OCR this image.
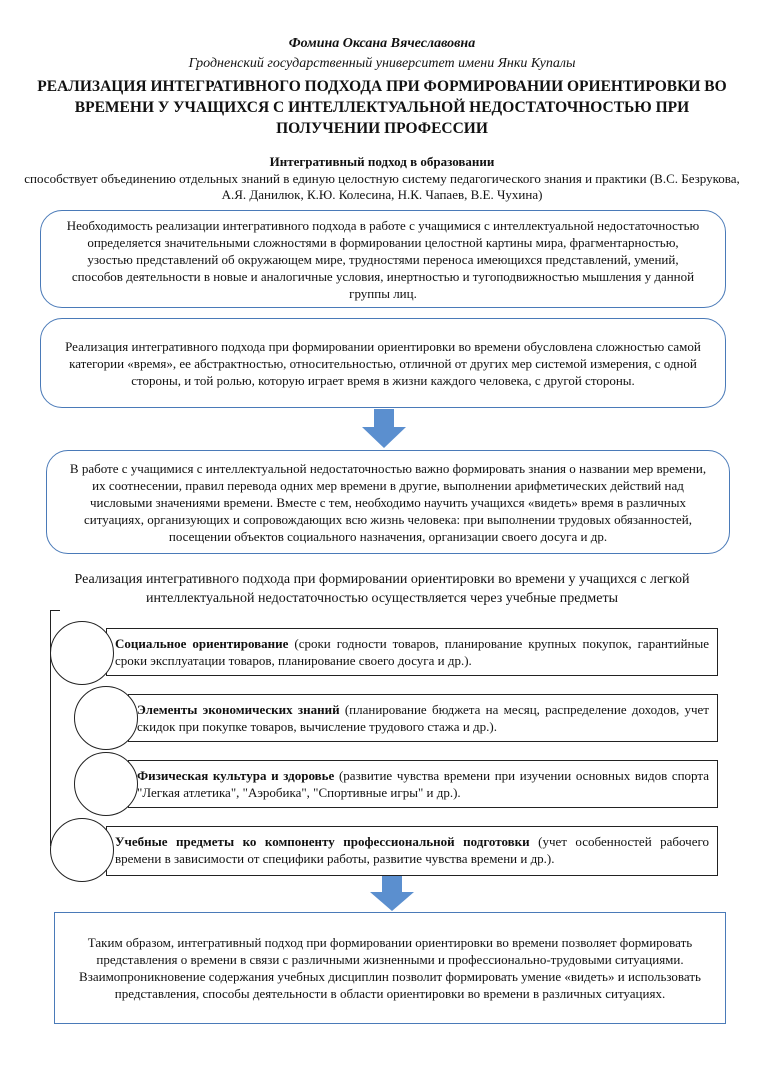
Фомина Оксана Вячеславовна
Гродненский государственный университет имени Янки Купалы
РЕАЛИЗАЦИЯ ИНТЕГРАТИВНОГО ПОДХОДА ПРИ ФОРМИРОВАНИИ ОРИЕНТИРОВКИ ВО ВРЕМЕНИ У УЧАЩИХСЯ С ИНТЕЛЛЕКТУАЛЬНОЙ НЕДОСТАТОЧНОСТЬЮ ПРИ ПОЛУЧЕНИИ ПРОФЕССИИ
Интегративный подход в образовании
способствует объединению отдельных знаний в единую целостную систему педагогического знания и практики (В.С. Безрукова, А.Я. Данилюк, К.Ю. Колесина, Н.К. Чапаев, В.Е. Чухина)
Необходимость реализации интегративного подхода в работе с учащимися с интеллектуальной недостаточностью определяется значительными сложностями в формировании целостной картины мира, фрагментарностью, узостью представлений об окружающем мире, трудностями переноса имеющихся представлений, умений, способов деятельности в новые и аналогичные условия, инертностью и тугоподвижностью мышления у данной группы лиц.
Реализация интегративного подхода при формировании ориентировки во времени обусловлена сложностью самой категории «время», ее абстрактностью, относительностью, отличной от других мер системой измерения, с одной стороны, и той ролью, которую играет время в жизни каждого человека, с другой стороны.
В работе с учащимися с интеллектуальной недостаточностью важно формировать знания о названии мер времени, их соотнесении, правил перевода одних мер времени в другие, выполнении арифметических действий над числовыми значениями времени. Вместе с тем, необходимо научить учащихся «видеть» время в различных ситуациях, организующих и сопровождающих всю жизнь человека: при выполнении трудовых обязанностей, посещении объектов социального назначения, организации своего досуга и др.
Реализация интегративного подхода при формировании ориентировки во времени у учащихся с легкой интеллектуальной недостаточностью осуществляется через учебные предметы
Социальное ориентирование (сроки годности товаров, планирование крупных покупок, гарантийные сроки эксплуатации товаров, планирование своего досуга и др.).
Элементы экономических знаний (планирование бюджета на месяц, распределение доходов, учет скидок при покупке товаров, вычисление трудового стажа и др.).
Физическая культура и здоровье (развитие чувства времени при изучении основных видов спорта "Легкая атлетика", "Аэробика", "Спортивные игры" и др.).
Учебные предметы ко компоненту профессиональной подготовки (учет особенностей рабочего времени в зависимости от специфики работы, развитие чувства времени и др.).
Таким образом, интегративный подход при формировании ориентировки во времени позволяет формировать представления о времени в связи с различными жизненными и профессионально-трудовыми ситуациями. Взаимопроникновение содержания учебных дисциплин позволит формировать умение «видеть» и использовать представления, способы деятельности в области ориентировки во времени в различных ситуациях.
